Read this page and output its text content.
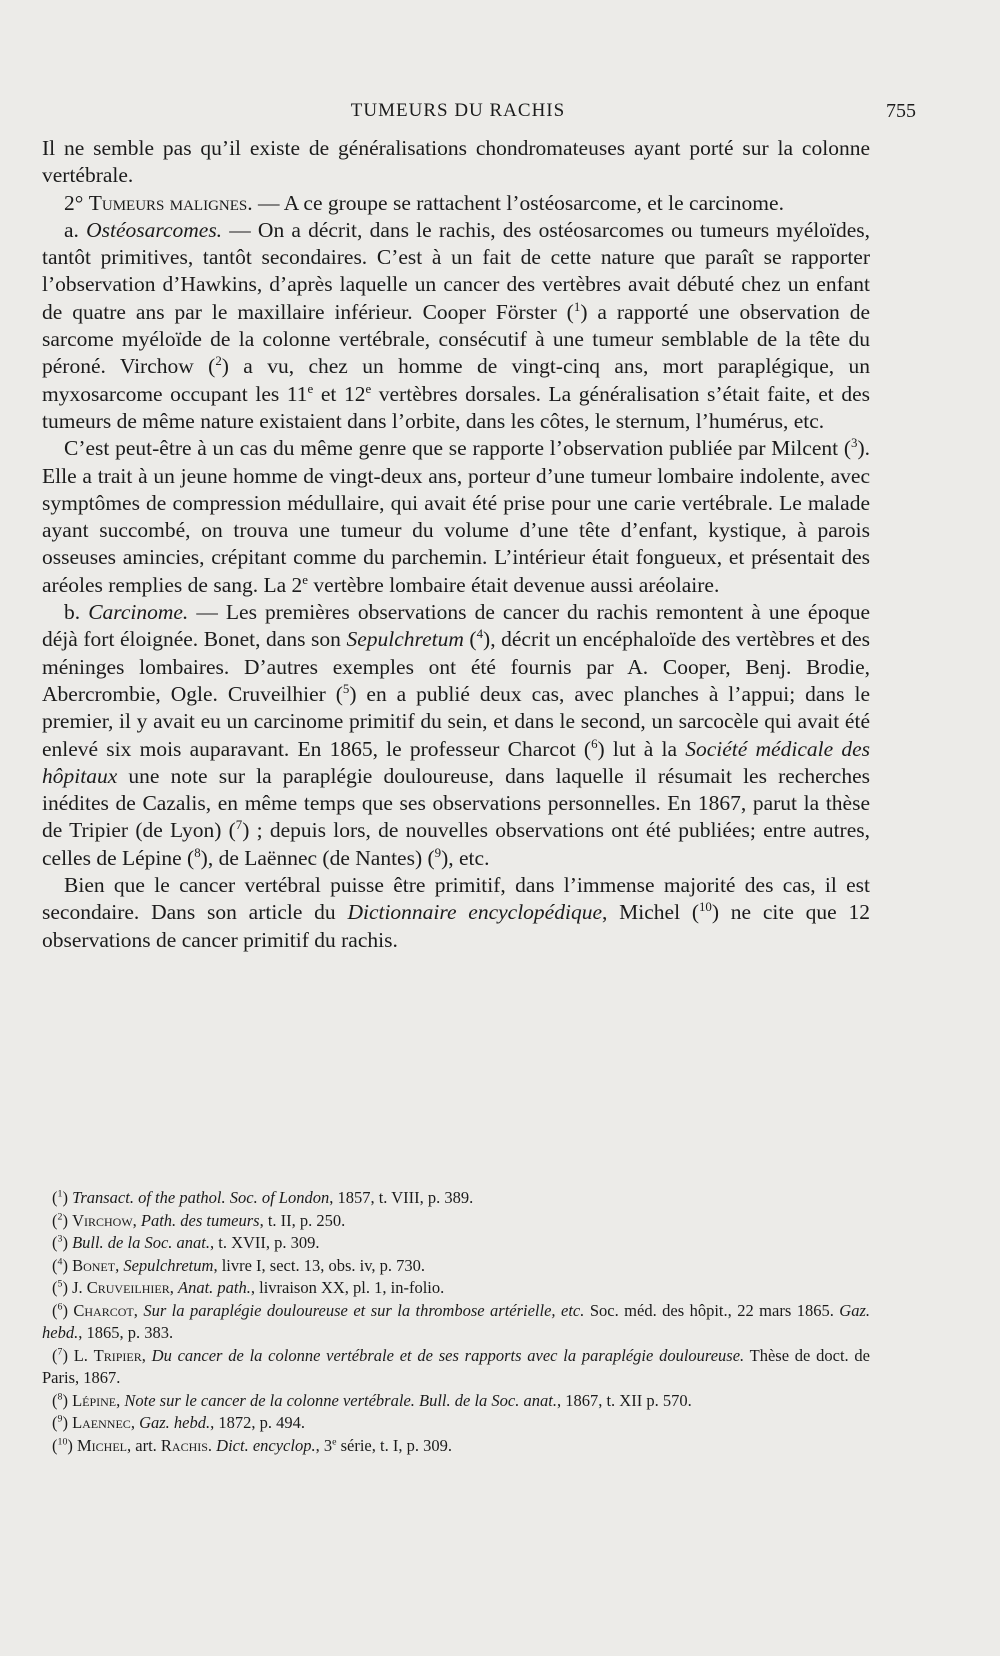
TUMEURS DU RACHIS	755

Il ne semble pas qu’il existe de généralisations chondromateuses ayant porté sur la colonne vertébrale.

2° Tumeurs malignes. — A ce groupe se rattachent l’ostéosarcome, et le carcinome.

a. Ostéosarcomes. — On a décrit, dans le rachis, des ostéosarcomes ou tumeurs myéloïdes, tantôt primitives, tantôt secondaires. C’est à un fait de cette nature que paraît se rapporter l’observation d’Hawkins, d’après laquelle un cancer des vertèbres avait débuté chez un enfant de quatre ans par le maxillaire inférieur. Cooper Förster ($^1$) a rapporté une observation de sarcome myéloïde de la colonne vertébrale, consécutif à une tumeur semblable de la tête du péroné. Virchow ($^2$) a vu, chez un homme de vingt-cinq ans, mort paraplégique, un myxosarcome occupant les 11e et 12e vertèbres dorsales. La généralisation s’était faite, et des tumeurs de même nature existaient dans l’orbite, dans les côtes, le sternum, l’humérus, etc.

C’est peut-être à un cas du même genre que se rapporte l’observation publiée par Milcent ($^3$). Elle a trait à un jeune homme de vingt-deux ans, porteur d’une tumeur lombaire indolente, avec symptômes de compression médullaire, qui avait été prise pour une carie vertébrale. Le malade ayant succombé, on trouva une tumeur du volume d’une tête d’enfant, kystique, à parois osseuses amincies, crépitant comme du parchemin. L’intérieur était fongueux, et présentait des aréoles remplies de sang. La 2e vertèbre lombaire était devenue aussi aréolaire.

b. Carcinome. — Les premières observations de cancer du rachis remontent à une époque déjà fort éloignée. Bonet, dans son Sepulchretum ($^4$), décrit un encéphaloïde des vertèbres et des méninges lombaires. D’autres exemples ont été fournis par A. Cooper, Benj. Brodie, Abercrombie, Ogle. Cruveilhier ($^5$) en a publié deux cas, avec planches à l’appui; dans le premier, il y avait eu un carcinome primitif du sein, et dans le second, un sarcocèle qui avait été enlevé six mois auparavant. En 1865, le professeur Charcot ($^6$) lut à la Société médicale des hôpitaux une note sur la paraplégie douloureuse, dans laquelle il résumait les recherches inédites de Cazalis, en même temps que ses observations personnelles. En 1867, parut la thèse de Tripier (de Lyon) ($^7$) ; depuis lors, de nouvelles observations ont été publiées; entre autres, celles de Lépine ($^8$), de Laënnec (de Nantes) ($^9$), etc.

Bien que le cancer vertébral puisse être primitif, dans l’immense majorité des cas, il est secondaire. Dans son article du Dictionnaire encyclopédique, Michel ($^{10}$) ne cite que 12 observations de cancer primitif du rachis.

($^1$) Transact. of the pathol. Soc. of London, 1857, t. VIII, p. 389.

($^2$) Virchow, Path. des tumeurs, t. II, p. 250.

($^3$) Bull. de la Soc. anat., t. XVII, p. 309.

($^4$) Bonet, Sepulchretum, livre I, sect. 13, obs. iv, p. 730.

($^5$) J. Cruveilhier, Anat. path., livraison XX, pl. 1, in-folio.

($^6$) Charcot, Sur la paraplégie douloureuse et sur la thrombose artérielle, etc. Soc. méd. des hôpit., 22 mars 1865. Gaz. hebd., 1865, p. 383.

($^7$) L. Tripier, Du cancer de la colonne vertébrale et de ses rapports avec la paraplégie douloureuse. Thèse de doct. de Paris, 1867.

($^8$) Lépine, Note sur le cancer de la colonne vertébrale. Bull. de la Soc. anat., 1867, t. XII p. 570.

($^9$) Laennec, Gaz. hebd., 1872, p. 494.

($^{10}$) Michel, art. Rachis. Dict. encyclop., 3e série, t. I, p. 309.
